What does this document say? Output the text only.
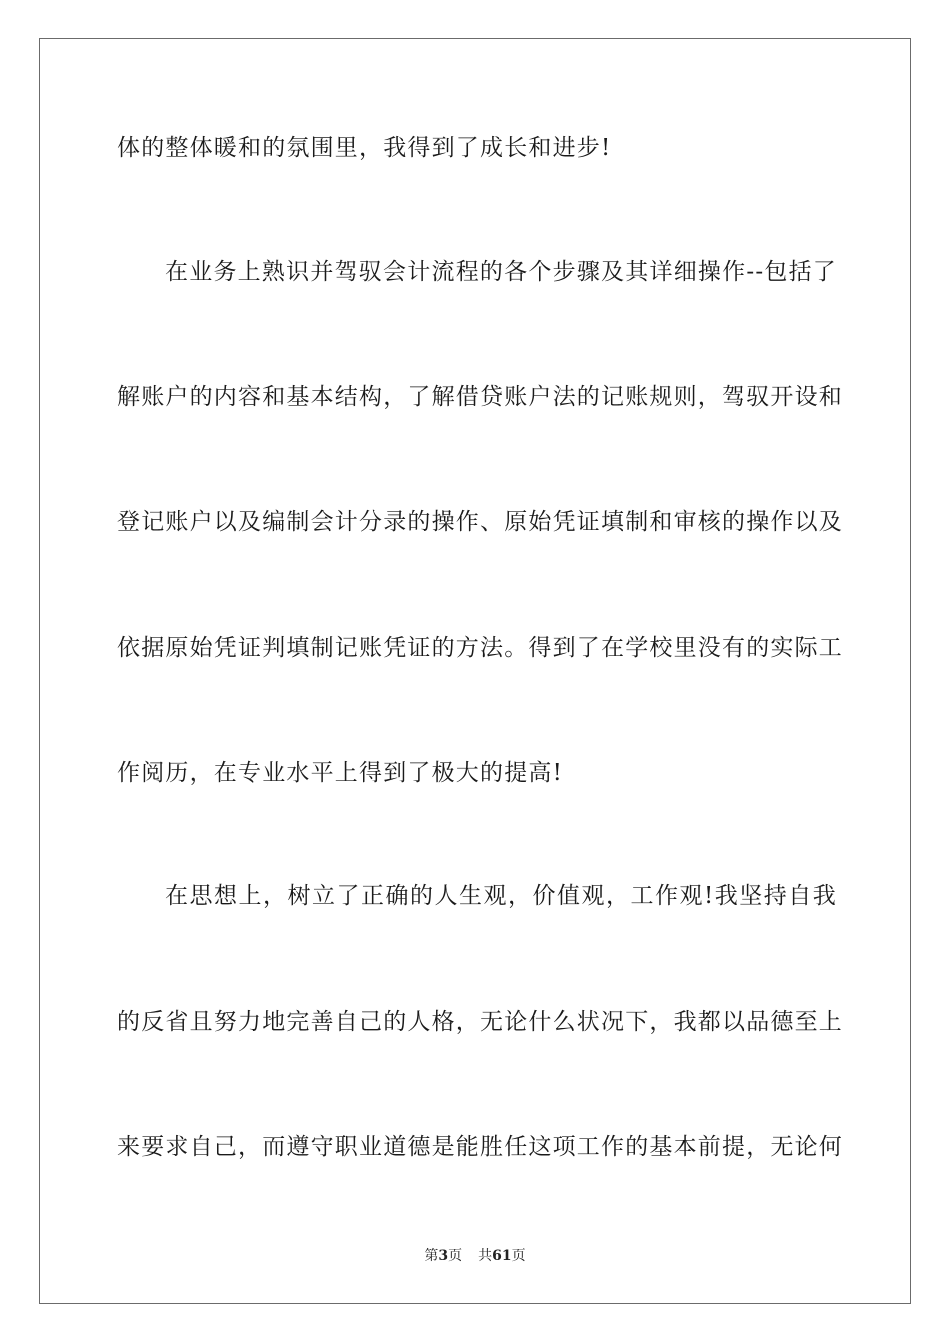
体的整体暖和的氛围里，我得到了成长和进步!
在业务上熟识并驾驭会计流程的各个步骤及其详细操作--包括了
解账户的内容和基本结构，了解借贷账户法的记账规则，驾驭开设和
登记账户以及编制会计分录的操作、原始凭证填制和审核的操作以及
依据原始凭证判填制记账凭证的方法。得到了在学校里没有的实际工
作阅历，在专业水平上得到了极大的提高!
在思想上，树立了正确的人生观，价值观，工作观!我坚持自我
的反省且努力地完善自己的人格，无论什么状况下，我都以品德至上
来要求自己，而遵守职业道德是能胜任这项工作的基本前提，无论何
第3页 共61页
